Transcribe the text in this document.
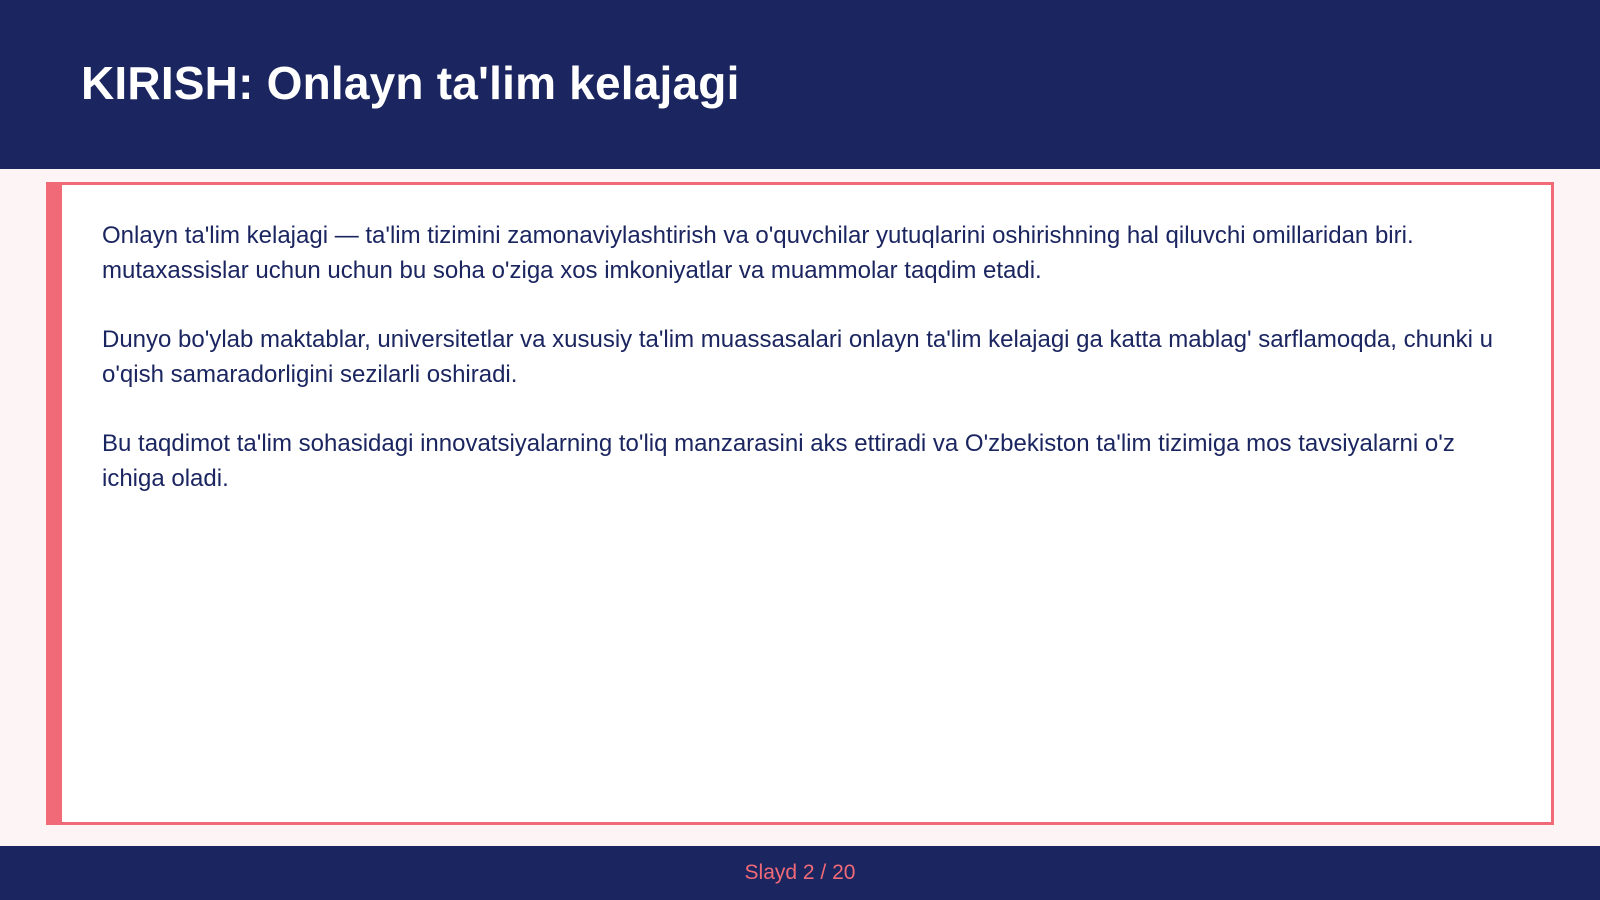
KIRISH: Onlayn ta'lim kelajagi

Onlayn ta'lim kelajagi — ta'lim tizimini zamonaviylashtirish va o'quvchilar yutuqlarini oshirishning hal qiluvchi omillaridan biri. mutaxassislar uchun uchun bu soha o'ziga xos imkoniyatlar va muammolar taqdim etadi.

Dunyo bo'ylab maktablar, universitetlar va xususiy ta'lim muassasalari onlayn ta'lim kelajagi ga katta mablag' sarflamoqda, chunki u o'qish samaradorligini sezilarli oshiradi.

Bu taqdimot ta'lim sohasidagi innovatsiyalarning to'liq manzarasini aks ettiradi va O'zbekiston ta'lim tizimiga mos tavsiyalarni o'z ichiga oladi.

Slayd 2 / 20
